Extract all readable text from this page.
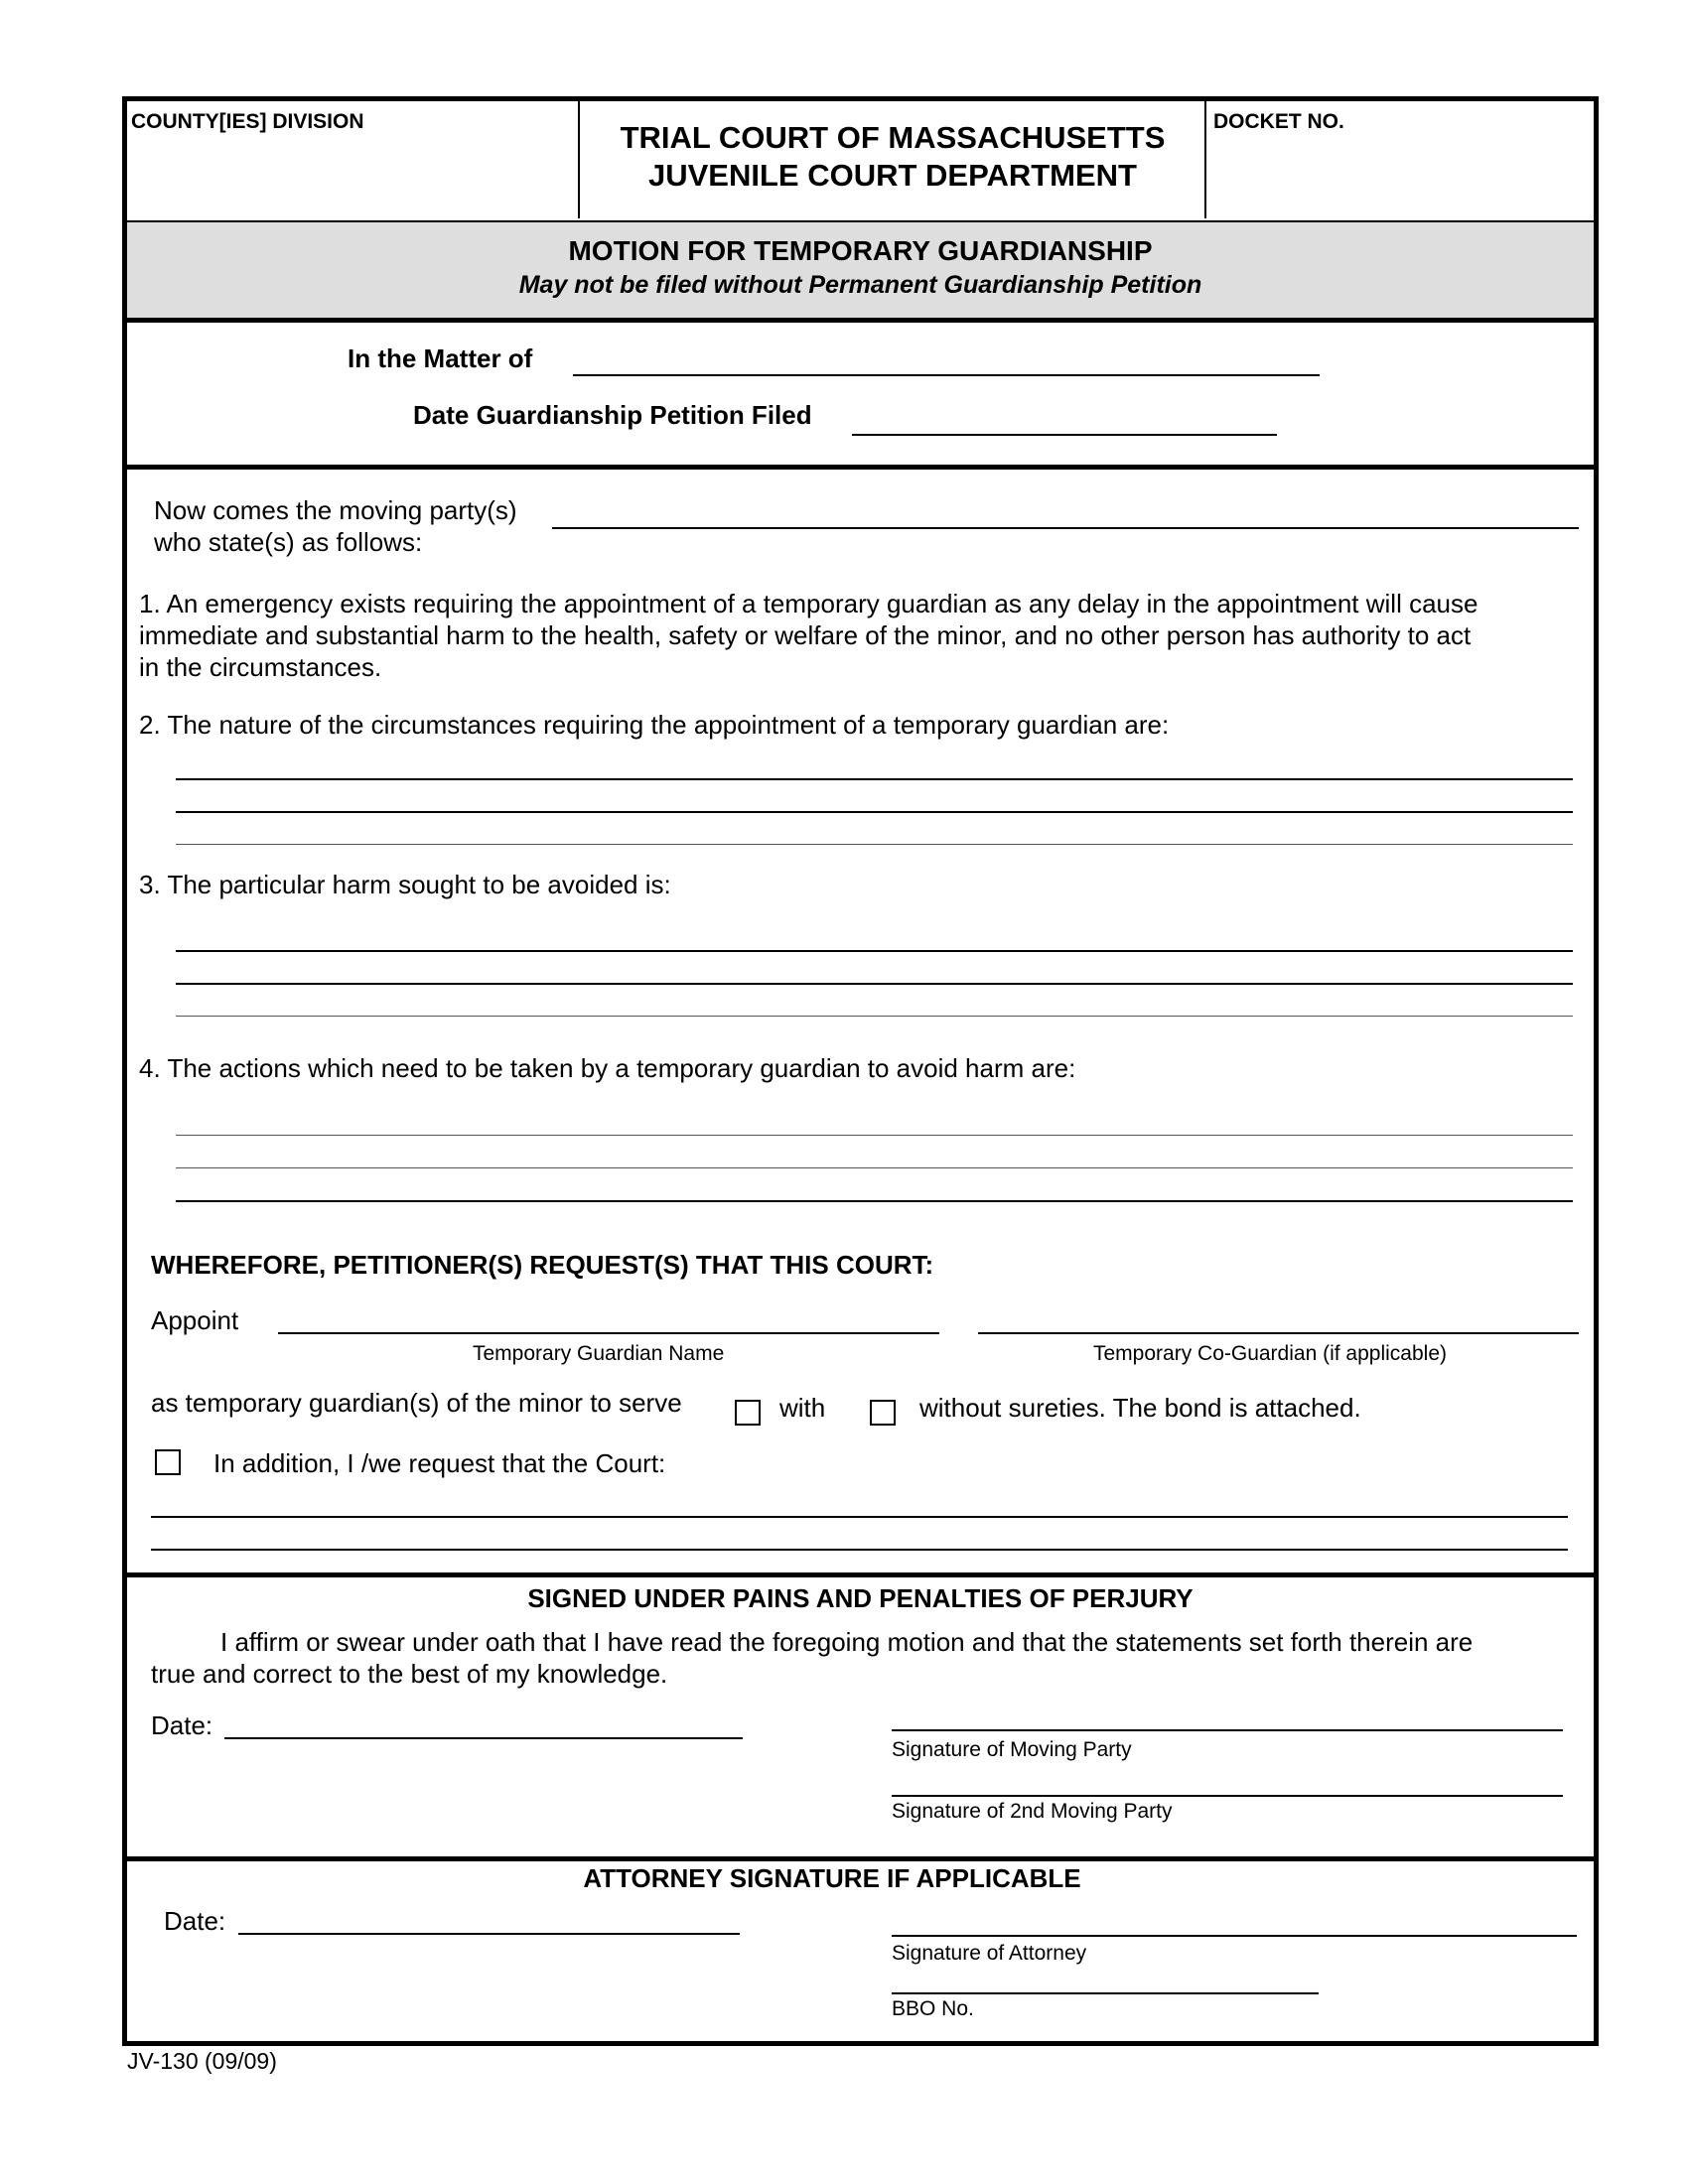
COUNTY[IES] DIVISION	TRIAL COURT OF MASSACHUSETTS
JUVENILE COURT DEPARTMENT
DOCKET NO.
MOTION FOR TEMPORARY GUARDIANSHIP
May not be filed without Permanent Guardianship Petition
In the Matter of
Date Guardianship Petition Filed
Now comes the moving party(s)
who state(s) as follows:
1. An emergency exists requiring the appointment of a temporary guardian as any delay in the appointment will cause
immediate and substantial harm to the health, safety or welfare of the minor, and no other person has authority to act
in the circumstances.
2. The nature of the circumstances requiring the appointment of a temporary guardian are:
3. The particular harm sought to be avoided is:
4. The actions which need to be taken by a temporary guardian to avoid harm are:
WHEREFORE, PETITIONER(S) REQUEST(S) THAT THIS COURT:
Appoint
Temporary Guardian Name	Temporary Co-Guardian (if applicable)
as temporary guardian(s) of the minor to serve	with	without sureties. The bond is attached.
In addition, I /we request that the Court:
SIGNED UNDER PAINS AND PENALTIES OF PERJURY
I affirm or swear under oath that I have read the foregoing motion and that the statements set forth therein are
true and correct to the best of my knowledge.
Date:
Signature of Moving Party
Signature of 2nd Moving Party
ATTORNEY SIGNATURE IF APPLICABLE
Date:
Signature of Attorney
BBO No.
JV-130 (09/09)
